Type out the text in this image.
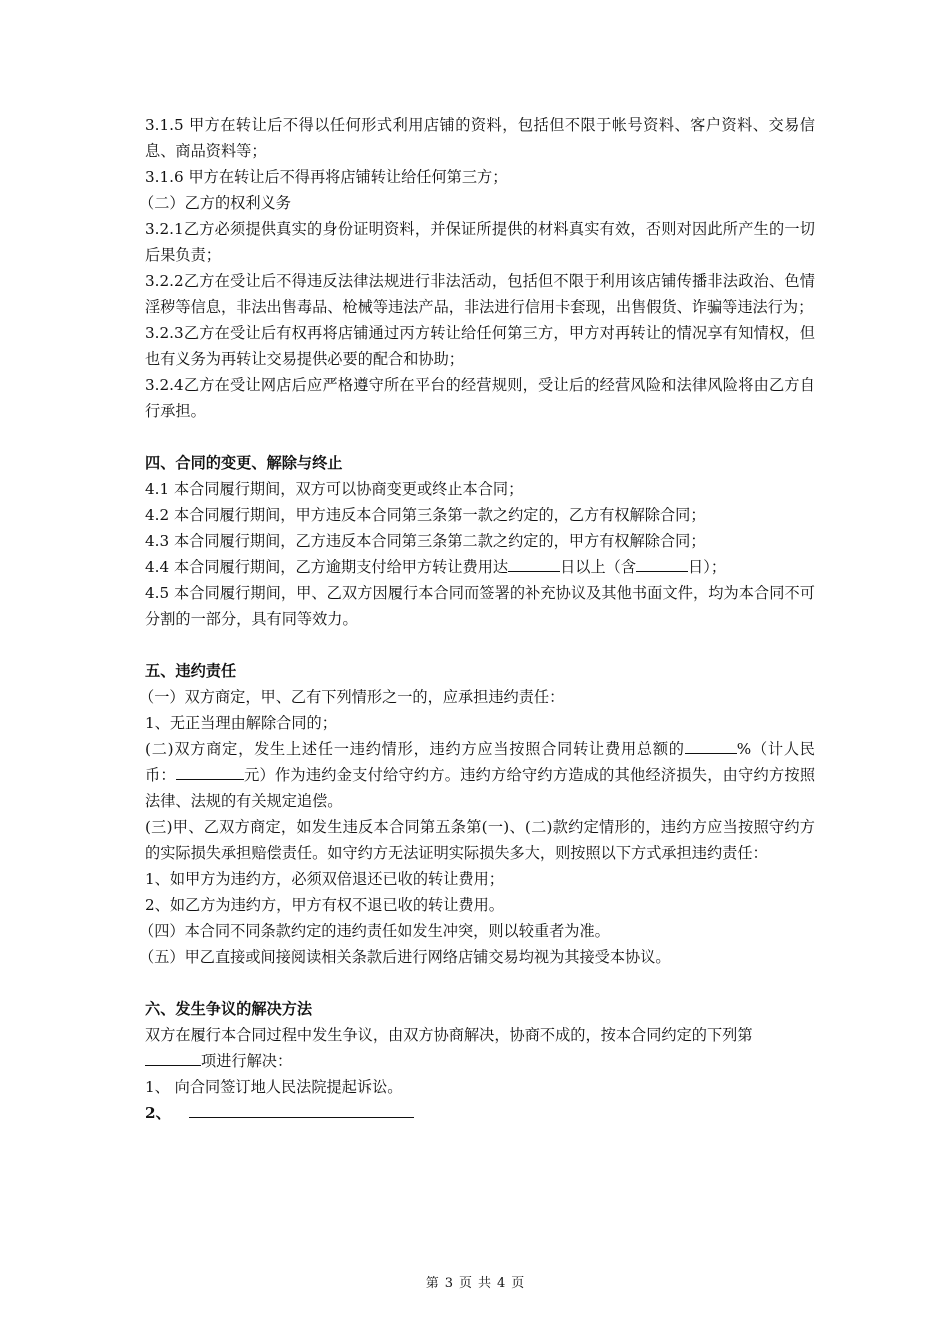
3.1.5 甲方在转让后不得以任何形式利用店铺的资料，包括但不限于帐号资料、客户资料、交易信息、商品资料等；

3.1.6 甲方在转让后不得再将店铺转让给任何第三方；

（二）乙方的权利义务

3.2.1乙方必须提供真实的身份证明资料，并保证所提供的材料真实有效，否则对因此所产生的一切后果负责；

3.2.2乙方在受让后不得违反法律法规进行非法活动，包括但不限于利用该店铺传播非法政治、色情淫秽等信息，非法出售毒品、枪械等违法产品，非法进行信用卡套现，出售假货、诈骗等违法行为；

3.2.3乙方在受让后有权再将店铺通过丙方转让给任何第三方，甲方对再转让的情况享有知情权，但也有义务为再转让交易提供必要的配合和协助；

3.2.4乙方在受让网店后应严格遵守所在平台的经营规则，受让后的经营风险和法律风险将由乙方自行承担。

四、合同的变更、解除与终止

4.1 本合同履行期间，双方可以协商变更或终止本合同；

4.2 本合同履行期间，甲方违反本合同第三条第一款之约定的，乙方有权解除合同；

4.3 本合同履行期间，乙方违反本合同第三条第二款之约定的，甲方有权解除合同；

4.4 本合同履行期间，乙方逾期支付给甲方转让费用达	日以上（含	日）；

4.5 本合同履行期间，甲、乙双方因履行本合同而签署的补充协议及其他书面文件，均为本合同不可分割的一部分，具有同等效力。

五、违约责任

（一）双方商定，甲、乙有下列情形之一的，应承担违约责任：

1、无正当理由解除合同的；

(二)双方商定，发生上述任一违约情形，违约方应当按照合同转让费用总额的	%（计人民币：	元）作为违约金支付给守约方。违约方给守约方造成的其他经济损失，由守约方按照法律、法规的有关规定追偿。

(三)甲、乙双方商定，如发生违反本合同第五条第(一)、(二)款约定情形的，违约方应当按照守约方的实际损失承担赔偿责任。如守约方无法证明实际损失多大，则按照以下方式承担违约责任：

1、如甲方为违约方，必须双倍退还已收的转让费用；

2、如乙方为违约方，甲方有权不退已收的转让费用。

（四）本合同不同条款约定的违约责任如发生冲突，则以较重者为准。

（五）甲乙直接或间接阅读相关条款后进行网络店铺交易均视为其接受本协议。

六、发生争议的解决方法

双方在履行本合同过程中发生争议，由双方协商解决，协商不成的，按本合同约定的下列第

项进行解决：

1、 向合同签订地人民法院提起诉讼。

2、

第 3 页 共 4 页
